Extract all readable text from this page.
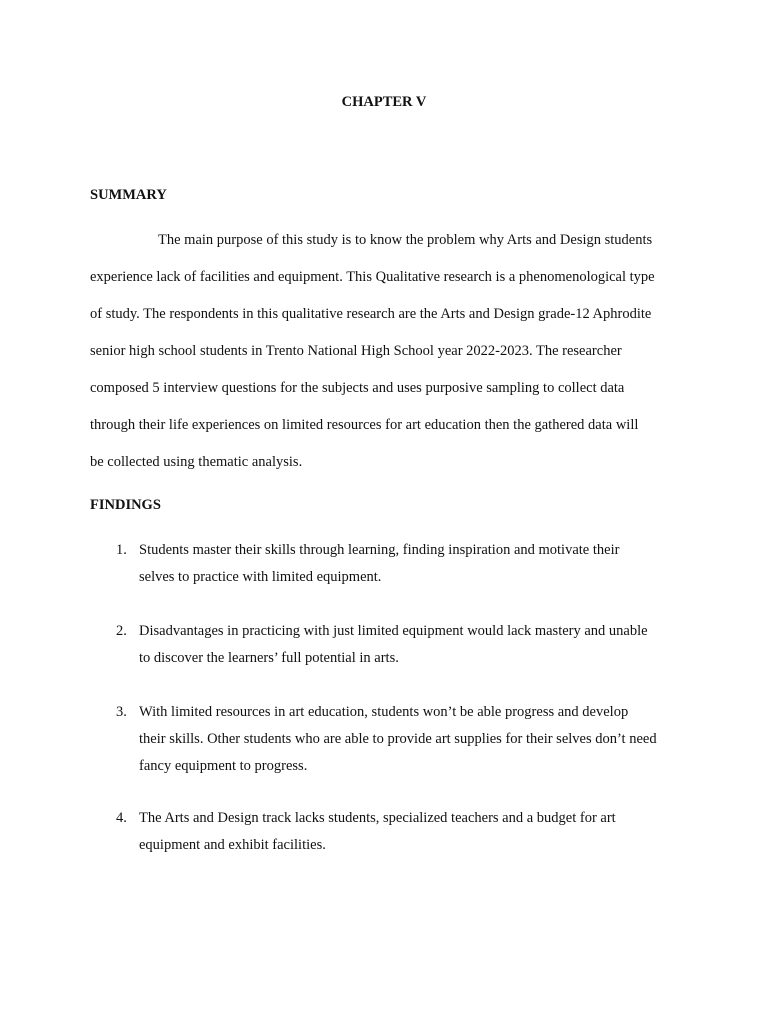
CHAPTER V
SUMMARY
The main purpose of this study is to know the problem why Arts and Design students
experience lack of facilities and equipment. This Qualitative research is a phenomenological type
of study. The respondents in this qualitative research are the Arts and Design grade-12 Aphrodite
senior high school students in Trento National High School year 2022-2023. The researcher
composed 5 interview questions for the subjects and uses purposive sampling to collect data
through their life experiences on limited resources for art education then the gathered data will
be collected using thematic analysis.
FINDINGS
1. Students master their skills through learning, finding inspiration and motivate their
selves to practice with limited equipment.
2. Disadvantages in practicing with just limited equipment would lack mastery and unable
to discover the learners’ full potential in arts.
3. With limited resources in art education, students won’t be able progress and develop
their skills. Other students who are able to provide art supplies for their selves don’t need
fancy equipment to progress.
4. The Arts and Design track lacks students, specialized teachers and a budget for art
equipment and exhibit facilities.
